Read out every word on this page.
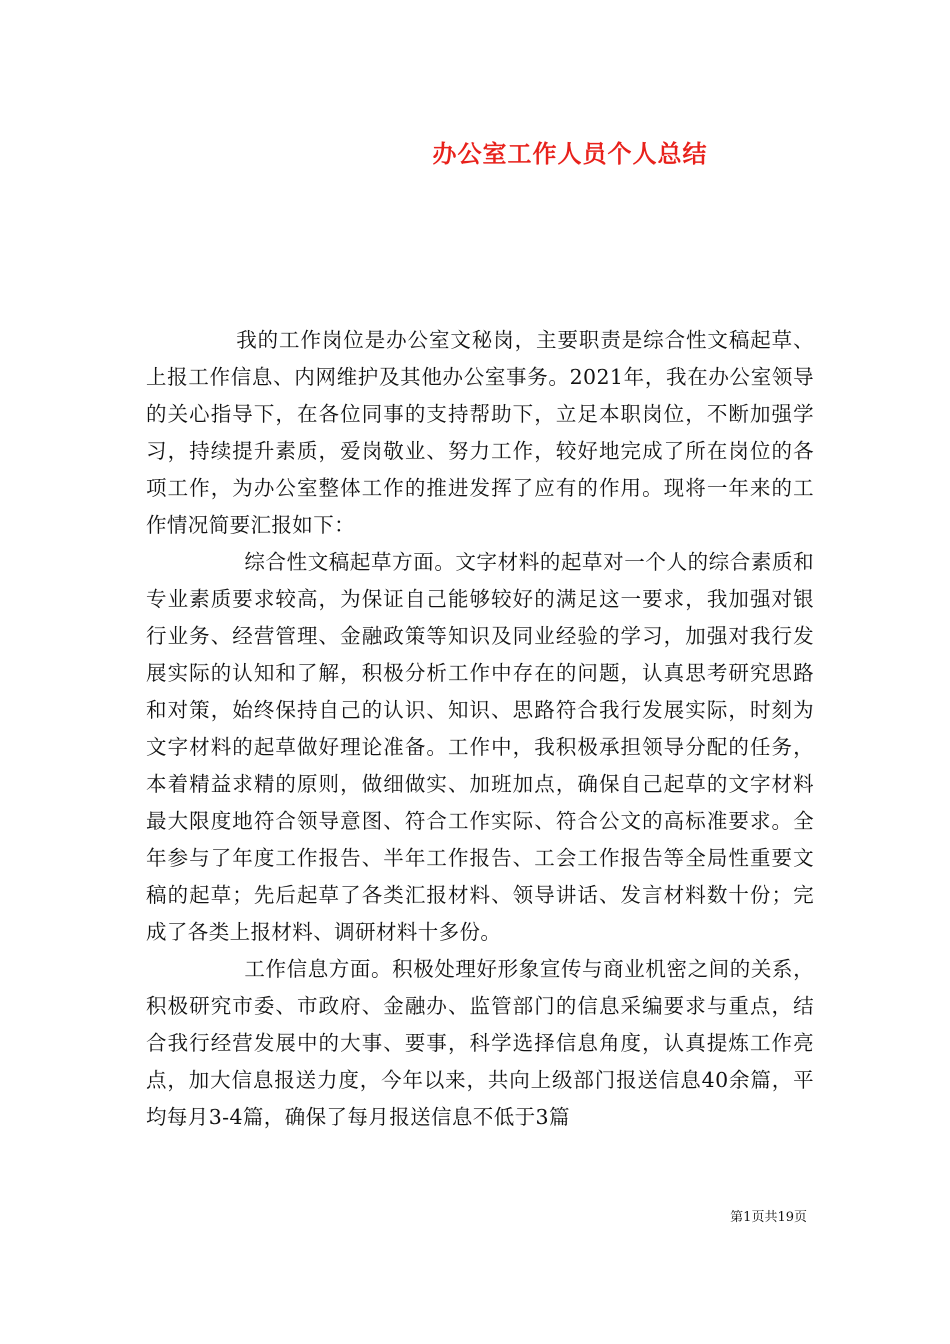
办公室工作人员个人总结

我的工作岗位是办公室文秘岗，主要职责是综合性文稿起草、上报工作信息、内网维护及其他办公室事务。2021年，我在办公室领导的关心指导下，在各位同事的支持帮助下，立足本职岗位，不断加强学习，持续提升素质，爱岗敬业、努力工作，较好地完成了所在岗位的各项工作，为办公室整体工作的推进发挥了应有的作用。现将一年来的工作情况简要汇报如下：

综合性文稿起草方面。文字材料的起草对一个人的综合素质和专业素质要求较高，为保证自己能够较好的满足这一要求，我加强对银行业务、经营管理、金融政策等知识及同业经验的学习，加强对我行发展实际的认知和了解，积极分析工作中存在的问题，认真思考研究思路和对策，始终保持自己的认识、知识、思路符合我行发展实际，时刻为文字材料的起草做好理论准备。工作中，我积极承担领导分配的任务，本着精益求精的原则，做细做实、加班加点，确保自己起草的文字材料最大限度地符合领导意图、符合工作实际、符合公文的高标准要求。全年参与了年度工作报告、半年工作报告、工会工作报告等全局性重要文稿的起草；先后起草了各类汇报材料、领导讲话、发言材料数十份；完成了各类上报材料、调研材料十多份。

工作信息方面。积极处理好形象宣传与商业机密之间的关系，积极研究市委、市政府、金融办、监管部门的信息采编要求与重点，结合我行经营发展中的大事、要事，科学选择信息角度，认真提炼工作亮点，加大信息报送力度，今年以来，共向上级部门报送信息40余篇，平均每月3-4篇，确保了每月报送信息不低于3篇

第1页共19页
